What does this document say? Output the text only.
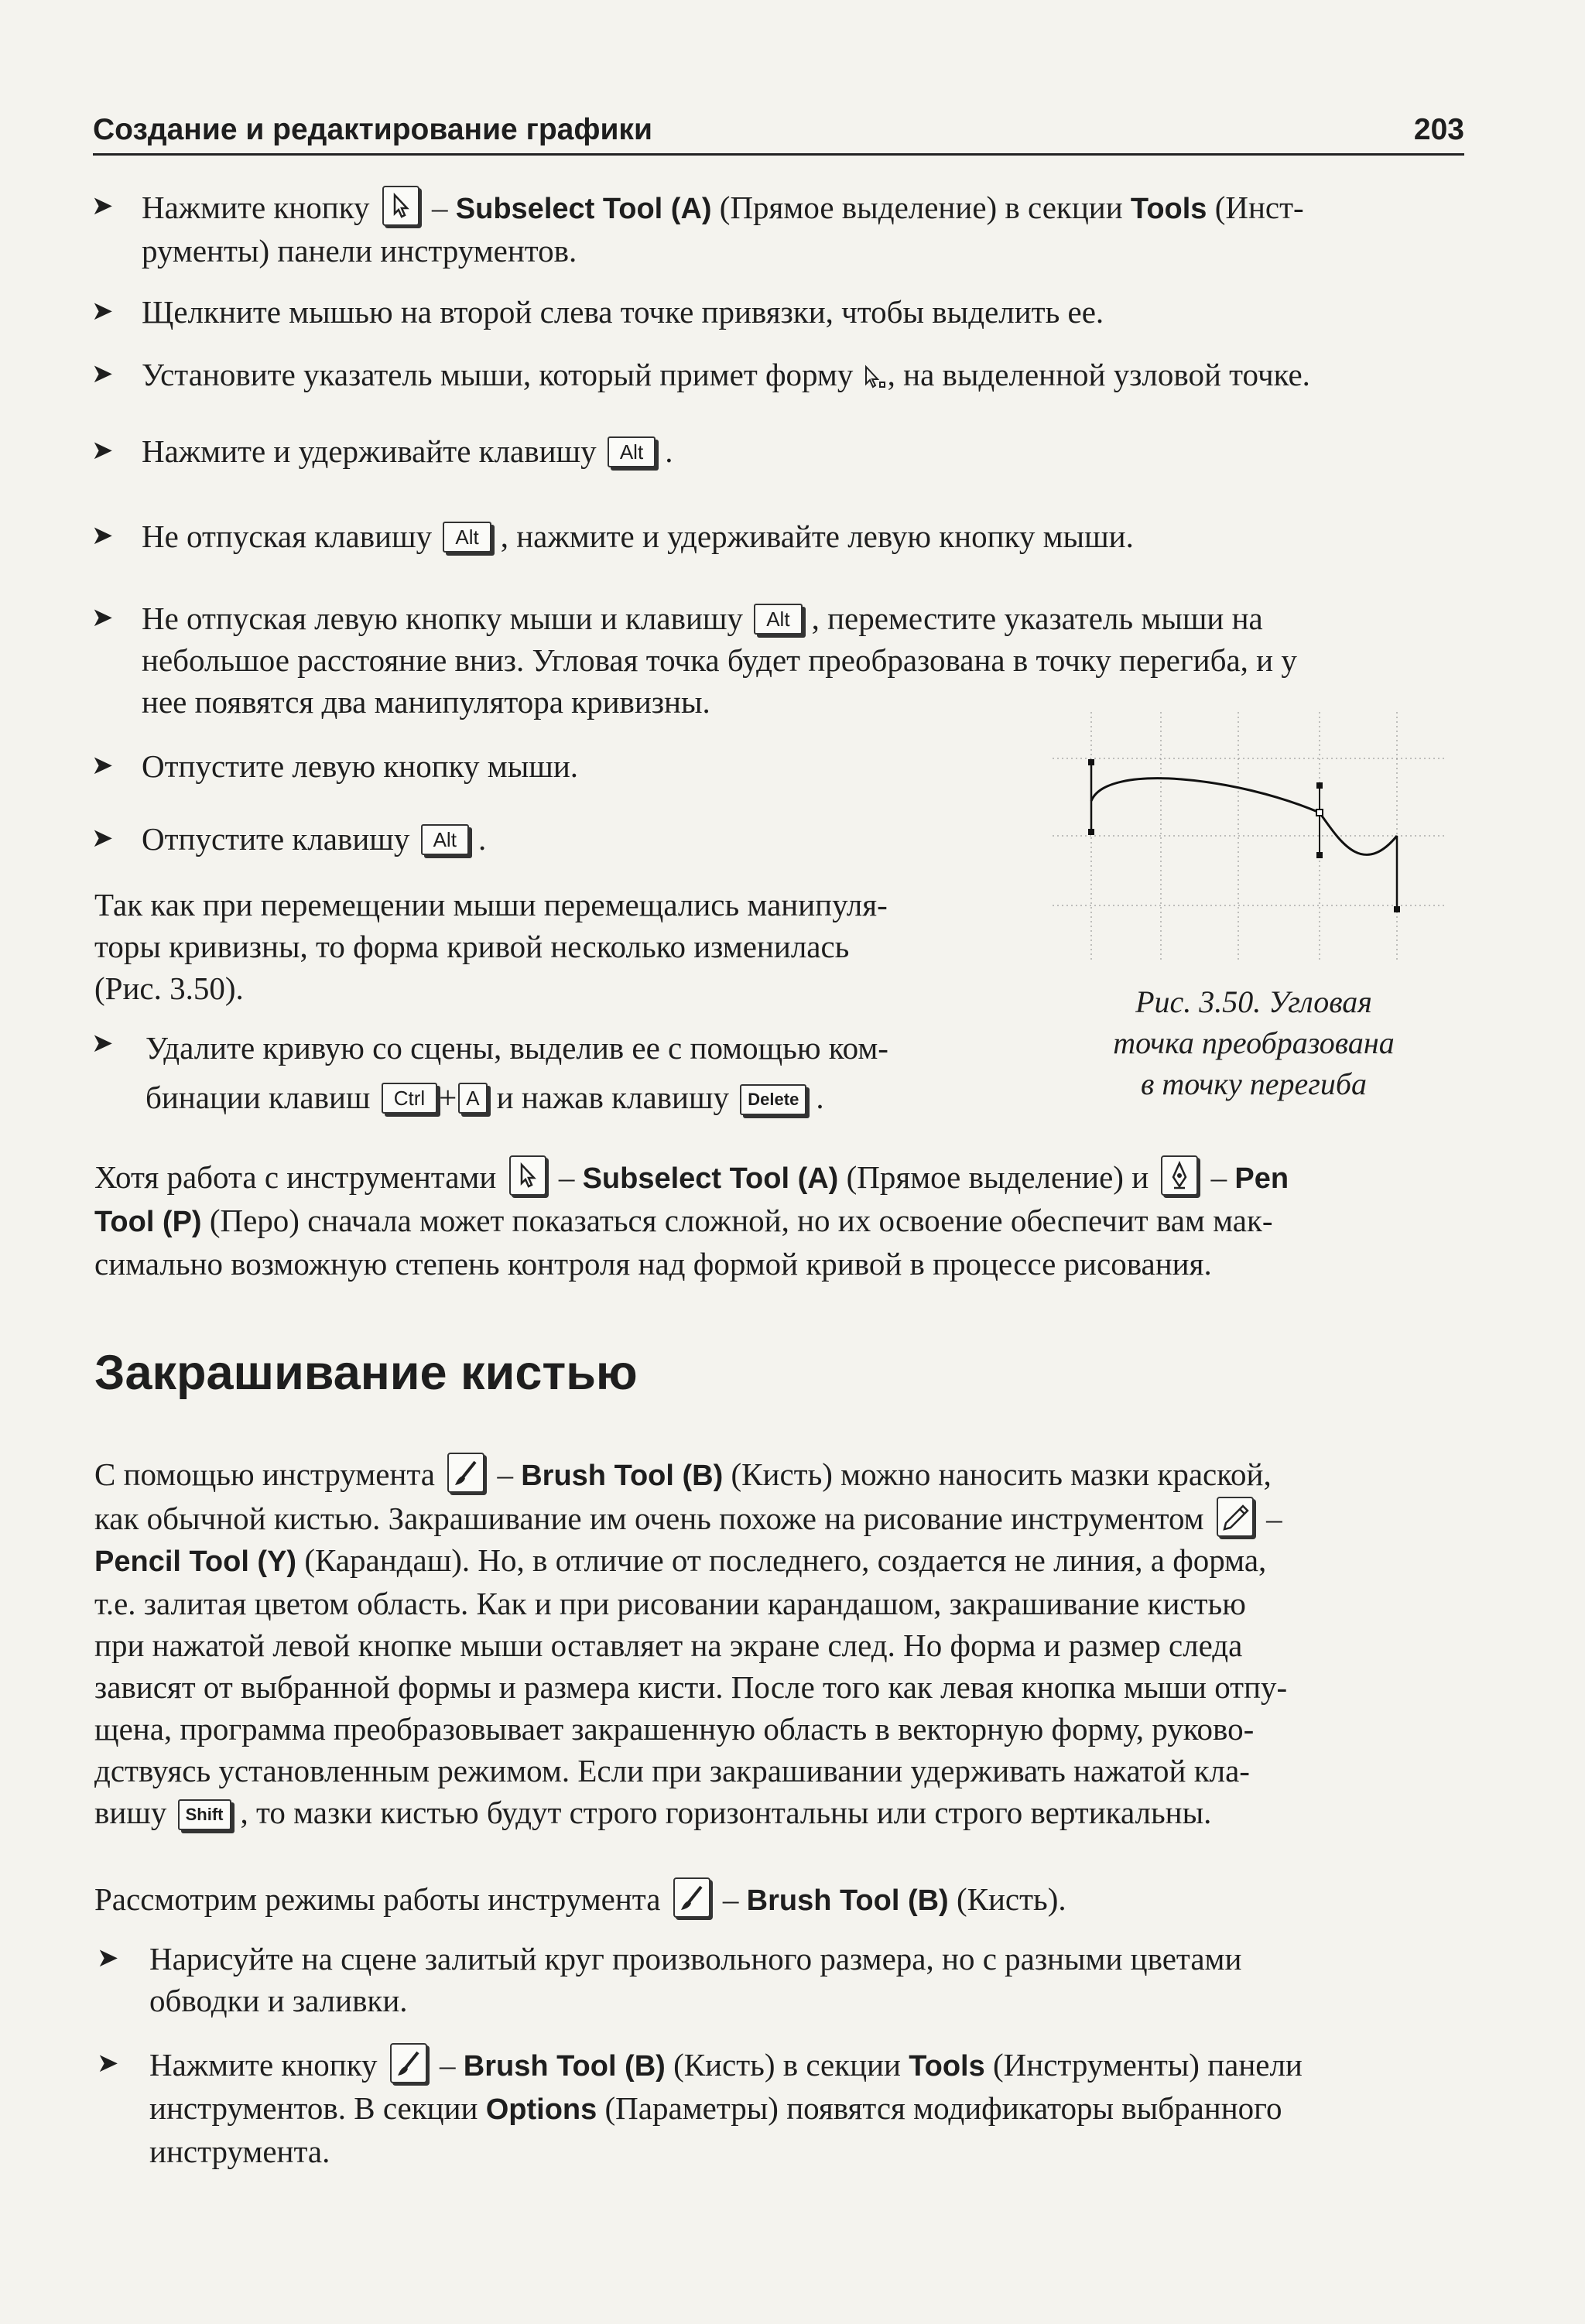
Создание и редактирование графики	203
➤ Нажмите кнопку
– Subselect Tool (A) (Прямое выделение) в секции Tools (Инст-
рументы) панели инструментов.
➤ Щелкните мышью на второй слева точке привязки, чтобы выделить ее.
➤ Установите указатель мыши, который примет форму , на выделенной узловой точке.
➤ Нажмите и удерживайте клавишу Alt .
➤ Не отпуская клавишу Alt , нажмите и удерживайте левую кнопку мыши.
➤ Не отпуская левую кнопку мыши и клавишу Alt , переместите указатель мыши на
небольшое расстояние вниз. Угловая точка будет преобразована в точку перегиба, и у
нее появятся два манипулятора кривизны.
➤ Отпустите левую кнопку мыши.
➤ Отпустите клавишу Alt .
Так как при перемещении мыши перемещались манипуля-
торы кривизны, то форма кривой несколько изменилась
(Рис. 3.50).
➤ Удалите кривую со сцены, выделив ее с помощью ком-
бинации клавиш Ctrl + A и нажав клавишу Delete .
Рис. 3.50. Угловая
точка преобразована
в точку перегиба
Хотя работа с инструментами
– Subselect Tool (A) (Прямое выделение) и
– Pen
Tool (P) (Перо) сначала может показаться сложной, но их освоение обеспечит вам мак-
симально возможную степень контроля над формой кривой в процессе рисования.
Закрашивание кистью
С помощью инструмента
– Brush Tool (B) (Кисть) можно наносить мазки краской,
как обычной кистью. Закрашивание им очень похоже на рисование инструментом
–
Pencil Tool (Y) (Карандаш). Но, в отличие от последнего, создается не линия, а форма,
т.е. залитая цветом область. Как и при рисовании карандашом, закрашивание кистью
при нажатой левой кнопке мыши оставляет на экране след. Но форма и размер следа
зависят от выбранной формы и размера кисти. После того как левая кнопка мыши отпу-
щена, программа преобразовывает закрашенную область в векторную форму, руково-
дствуясь установленным режимом. Если при закрашивании удерживать нажатой кла-
вишу Shift , то мазки кистью будут строго горизонтальны или строго вертикальны.
Рассмотрим режимы работы инструмента
– Brush Tool (B) (Кисть).
➤ Нарисуйте на сцене залитый круг произвольного размера, но с разными цветами
обводки и заливки.
➤ Нажмите кнопку
– Brush Tool (B) (Кисть) в секции Tools (Инструменты) панели
инструментов. В секции Options (Параметры) появятся модификаторы выбранного
инструмента.
